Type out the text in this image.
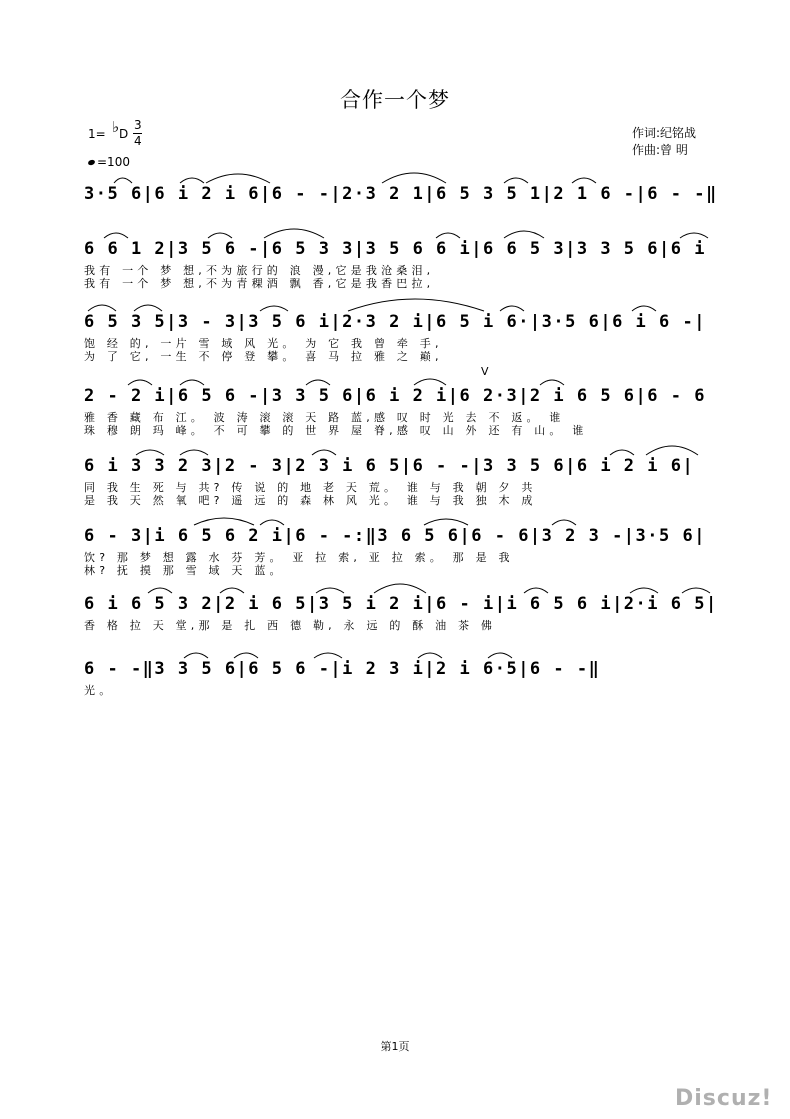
合作一个梦
1= ♭ D
3
4
=100
作词:纪铭战
作曲:曾 明
3·5 6|6 i 2 i 6|6 - -|2·3 2 1|6 5 3 5 1|2 1 6 -|6 - -‖
6 6 1 2|3 5 6 -|6 5 3 3|3 5 6 6 i|6 6 5 3|3 3 5 6|6 i
我有 一个 梦 想,不为旅行的 浪 漫,它是我沧桑泪,
我有 一个 梦 想,不为青稞酒 飘 香,它是我香巴拉,
6 5 3 5|3 - 3|3 5 6 i|2·3 2 i|6 5 i 6·|3·5 6|6 i 6 -|
饱 经 的, 一片 雪 域 风 光。 为 它 我 曾 牵 手,
为 了 它, 一生 不 停 登 攀。 喜 马 拉 雅 之 巅,
V
2 - 2 i|6 5 6 -|3 3 5 6|6 i 2 i|6 2·3|2 i 6 5 6|6 - 6
雅 香 藏 布 江。 波 涛 滚 滚 天 路 蓝,感 叹 时 光 去 不 返。 谁
珠 穆 朗 玛 峰。 不 可 攀 的 世 界 屋 脊,感 叹 山 外 还 有 山。 谁
6 i 3 3 2 3|2 - 3|2 3 i 6 5|6 - -|3 3 5 6|6 i 2 i 6|
同 我 生 死 与 共? 传 说 的 地 老 天 荒。 谁 与 我 朝 夕 共
是 我 天 然 氧 吧? 遥 远 的 森 林 风 光。 谁 与 我 独 木 成
6 - 3|i 6 5 6 2 i|6 - -:‖3 6 5 6|6 - 6|3 2 3 -|3·5 6|
饮? 那 梦 想 露 水 芬 芳。 亚 拉 索, 亚 拉 索。 那 是 我
林? 抚 摸 那 雪 域 天 蓝。
6 i 6 5 3 2|2 i 6 5|3 5 i 2 i|6 - i|i 6 5 6 i|2·i 6 5|
香 格 拉 天 堂,那 是 扎 西 德 勒, 永 远 的 酥 油 茶 佛
6 - -‖3 3 5 6|6 5 6 -|i 2 3 i|2 i 6·5|6 - -‖
光。
第1页
Discuz!
